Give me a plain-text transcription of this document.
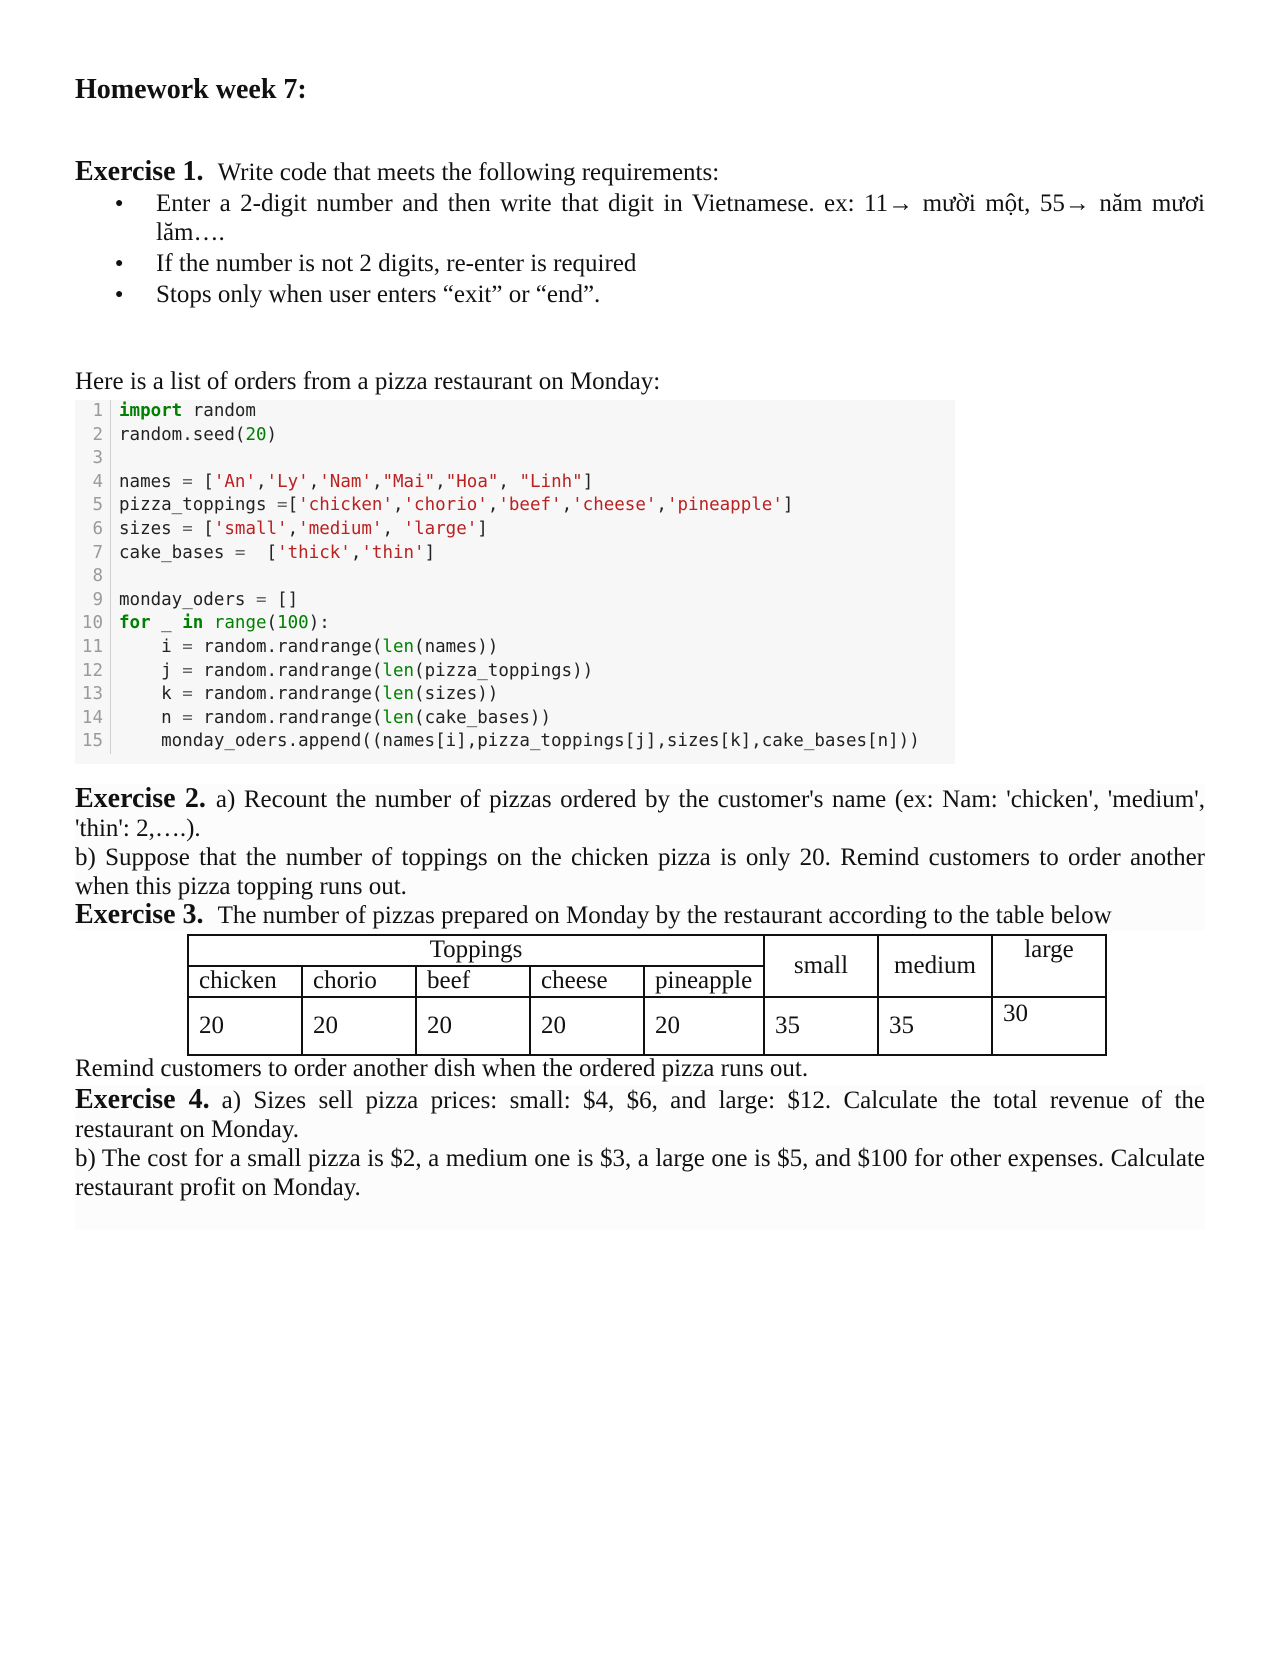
Homework week 7:
Exercise 1. Write code that meets the following requirements:
● Enter a 2-digit number and then write that digit in Vietnamese. ex: 11→ mười một, 55→ năm mươi lăm….
● If the number is not 2 digits, re-enter is required
● Stops only when user enters “exit” or “end”.
Here is a list of orders from a pizza restaurant on Monday:
1 import random
2 random.seed(20)
3
4 names = ['An','Ly','Nam',"Mai","Hoa", "Linh"]
5 pizza_toppings =['chicken','chorio','beef','cheese','pineapple']
6 sizes = ['small','medium', 'large']
7 cake_bases =  ['thick','thin']
8
9 monday_oders = []
10 for _ in range(100):
11 i = random.randrange(len(names))
12 j = random.randrange(len(pizza_toppings))
13 k = random.randrange(len(sizes))
14 n = random.randrange(len(cake_bases))
15 monday_oders.append((names[i],pizza_toppings[j],sizes[k],cake_bases[n]))
Exercise 2. a) Recount the number of pizzas ordered by the customer's name (ex: Nam: 'chicken', 'medium', 'thin': 2,….).
b) Suppose that the number of toppings on the chicken pizza is only 20. Remind customers to order another when this pizza topping runs out.
Exercise 3. The number of pizzas prepared on Monday by the restaurant according to the table below
Toppings					small	medium	large
chicken	chorio	beef	cheese	pineapple			
20	20	20	20	20	35	35	30
Remind customers to order another dish when the ordered pizza runs out.
Exercise 4. a) Sizes sell pizza prices: small: $4, $6, and large: $12. Calculate the total revenue of the restaurant on Monday.
b) The cost for a small pizza is $2, a medium one is $3, a large one is $5, and $100 for other expenses. Calculate restaurant profit on Monday.
